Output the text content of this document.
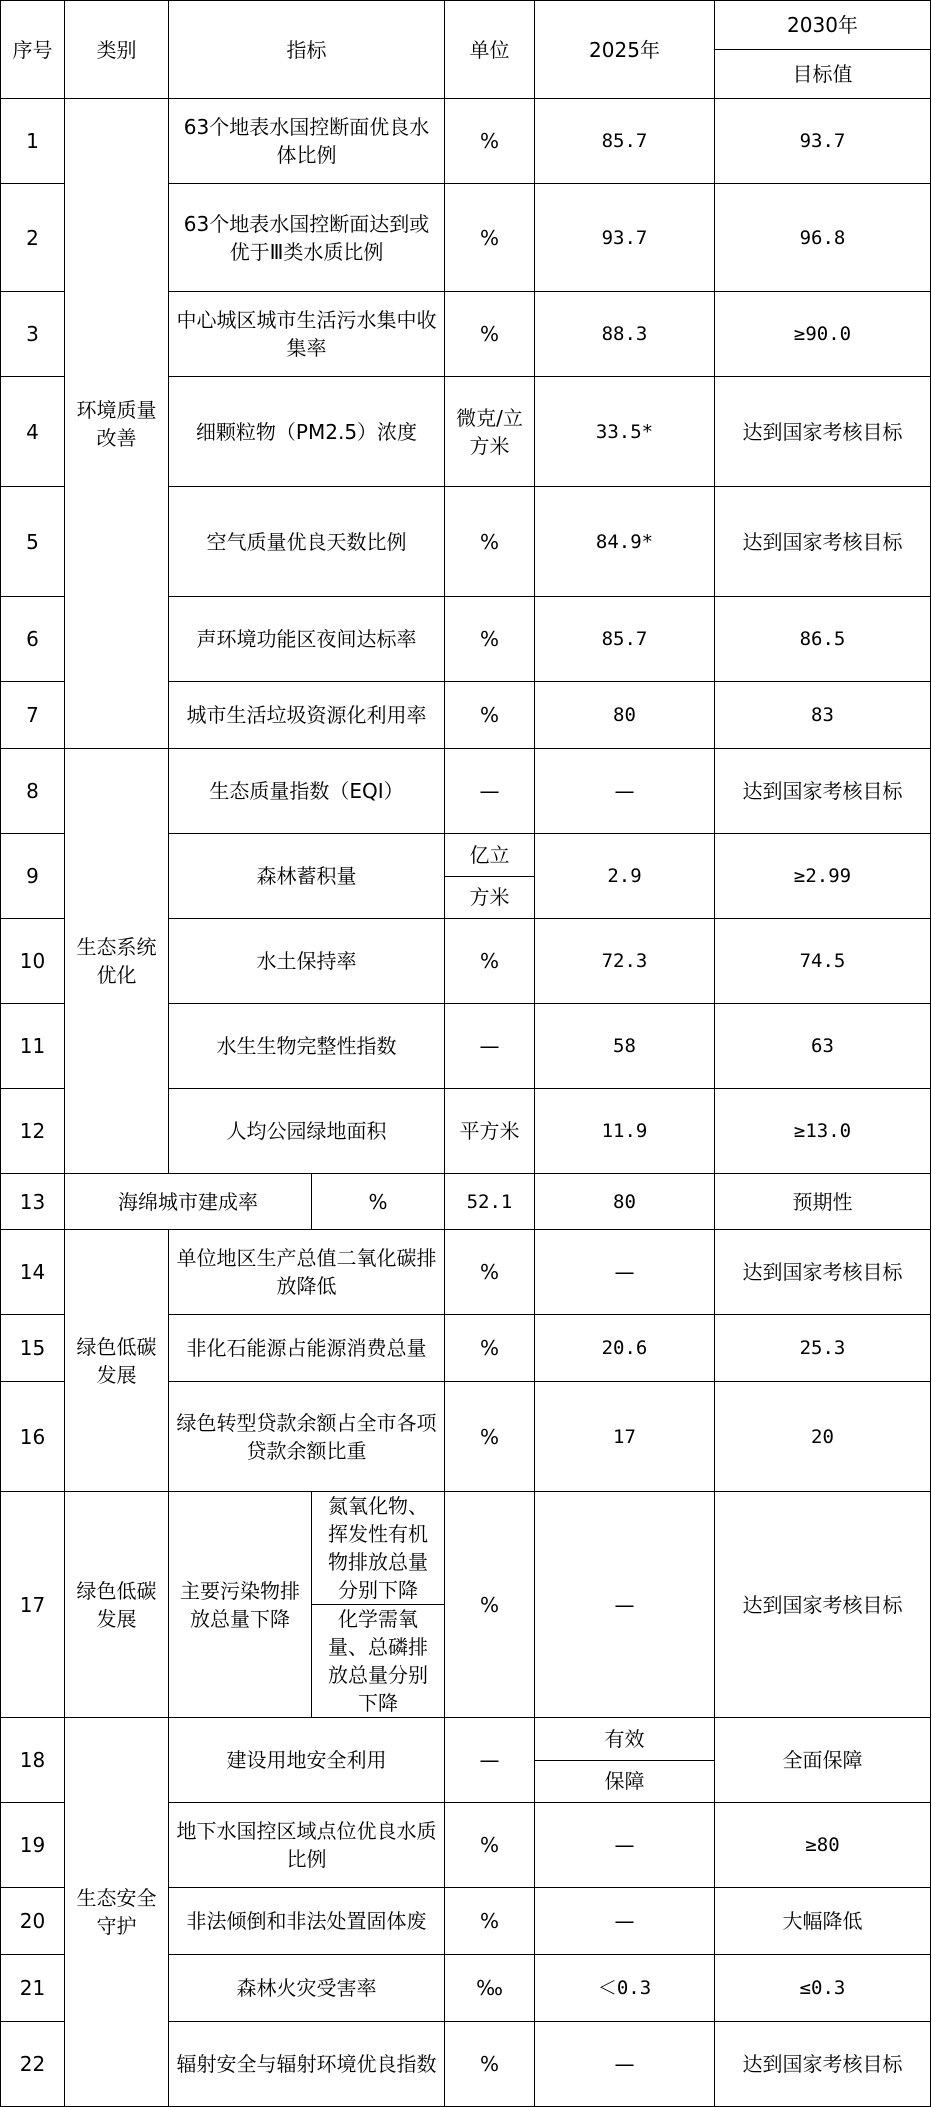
序号	类别	指标		单位	2025年	2030年	
						目标值	
1	环境质量改善	63个地表水国控断面优良水体比例		%	85.7	93.7	
2		63个地表水国控断面达到或优于Ⅲ类水质比例		%	93.7	96.8	
3		中心城区城市生活污水集中收集率		%	88.3	≥90.0	
4		细颗粒物（PM2.5）浓度		微克/立方米	33.5*	达到国家考核目标	
5		空气质量优良天数比例		%	84.9*	达到国家考核目标	
6		声环境功能区夜间达标率		%	85.7	86.5	
7		城市生活垃圾资源化利用率		%	80	83	
8	生态系统优化	生态质量指数（EQI）		—	—	达到国家考核目标	
9		森林蓄积量		亿立	2.9	≥2.99	
				方米			
10		水土保持率		%	72.3	74.5	
11		水生生物完整性指数		—	58	63	
12		人均公园绿地面积		平方米	11.9	≥13.0	
13	海绵城市建成率		%	52.1	80	预期性	
14	绿色低碳发展	单位地区生产总值二氧化碳排放降低		%	—	达到国家考核目标	
15		非化石能源占能源消费总量		%	20.6	25.3	
16		绿色转型贷款余额占全市各项贷款余额比重		%	17	20	
17	绿色低碳发展	主要污染物排放总量下降	氮氧化物、挥发性有机物排放总量分别下降	%	—	达到国家考核目标	
			化学需氧量、总磷排放总量分别下降				
18	生态安全守护	建设用地安全利用		—	有效	全面保障	
					保障		
19		地下水国控区域点位优良水质比例		%	—	≥80	
20		非法倾倒和非法处置固体废		%	—	大幅降低	
21		森林火灾受害率		‰	＜0.3	≤0.3	
22		辐射安全与辐射环境优良指数		%	—	达到国家考核目标	
